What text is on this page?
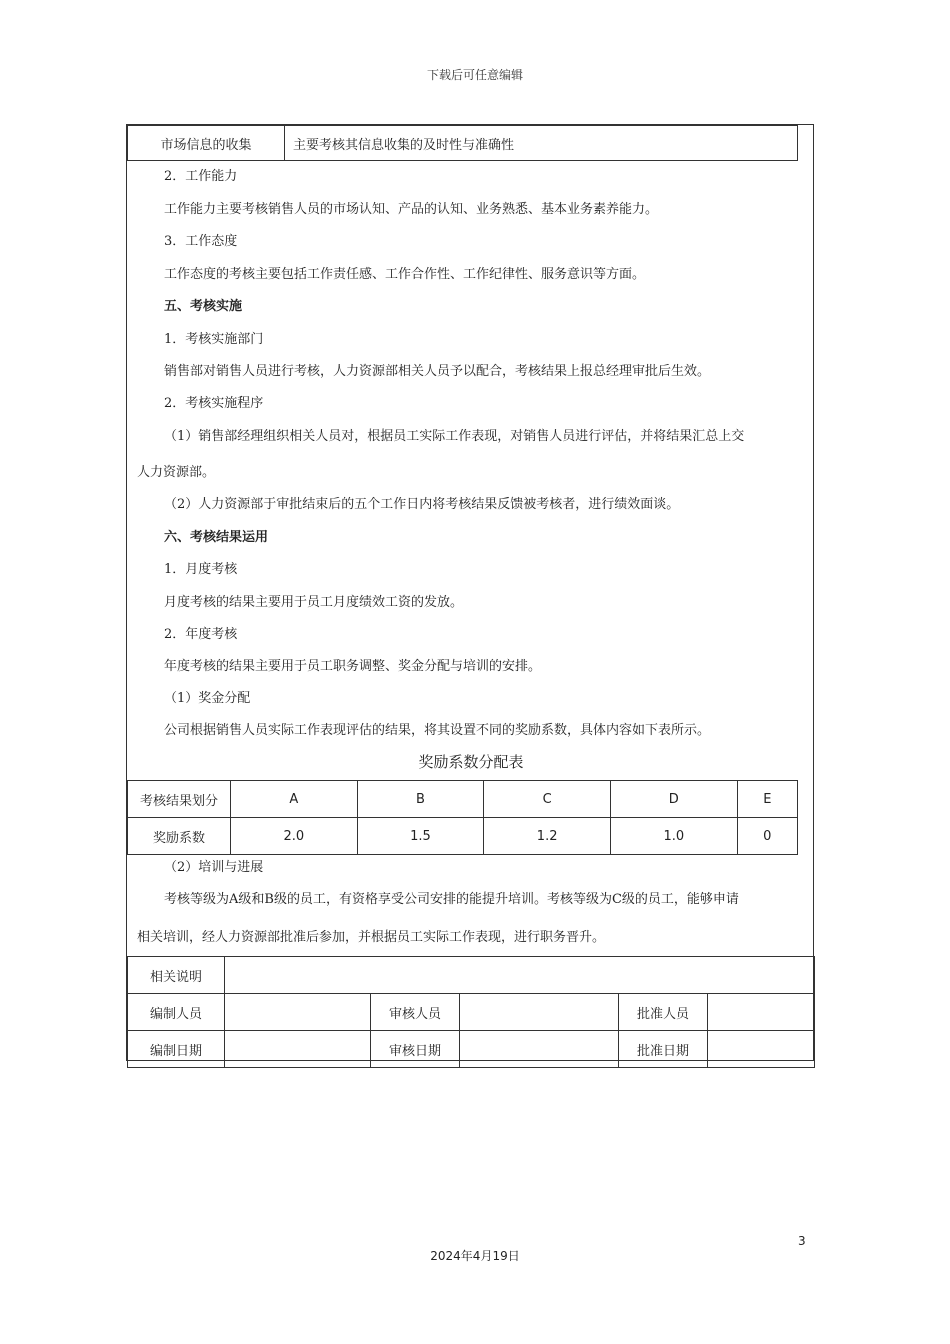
下载后可任意编辑
市场信息的收集	主要考核其信息收集的及时性与准确性
2．工作能力
工作能力主要考核销售人员的市场认知、产品的认知、业务熟悉、基本业务素养能力。
3．工作态度
工作态度的考核主要包括工作责任感、工作合作性、工作纪律性、服务意识等方面。
五、考核实施
1．考核实施部门
销售部对销售人员进行考核，人力资源部相关人员予以配合，考核结果上报总经理审批后生效。
2．考核实施程序
（1）销售部经理组织相关人员对，根据员工实际工作表现，对销售人员进行评估，并将结果汇总上交
人力资源部。
（2）人力资源部于审批结束后的五个工作日内将考核结果反馈被考核者，进行绩效面谈。
六、考核结果运用
1．月度考核
月度考核的结果主要用于员工月度绩效工资的发放。
2．年度考核
年度考核的结果主要用于员工职务调整、奖金分配与培训的安排。
（1）奖金分配
公司根据销售人员实际工作表现评估的结果，将其设置不同的奖励系数，具体内容如下表所示。
奖励系数分配表
考核结果划分	A	B	C	D	E
奖励系数	2.0	1.5	1.2	1.0	0
（2）培训与进展
考核等级为A级和B级的员工，有资格享受公司安排的能提升培训。考核等级为C级的员工，能够申请
相关培训，经人力资源部批准后参加，并根据员工实际工作表现，进行职务晋升。
相关说明					
编制人员		审核人员		批准人员	
编制日期		审核日期		批准日期	
3
2024年4月19日
